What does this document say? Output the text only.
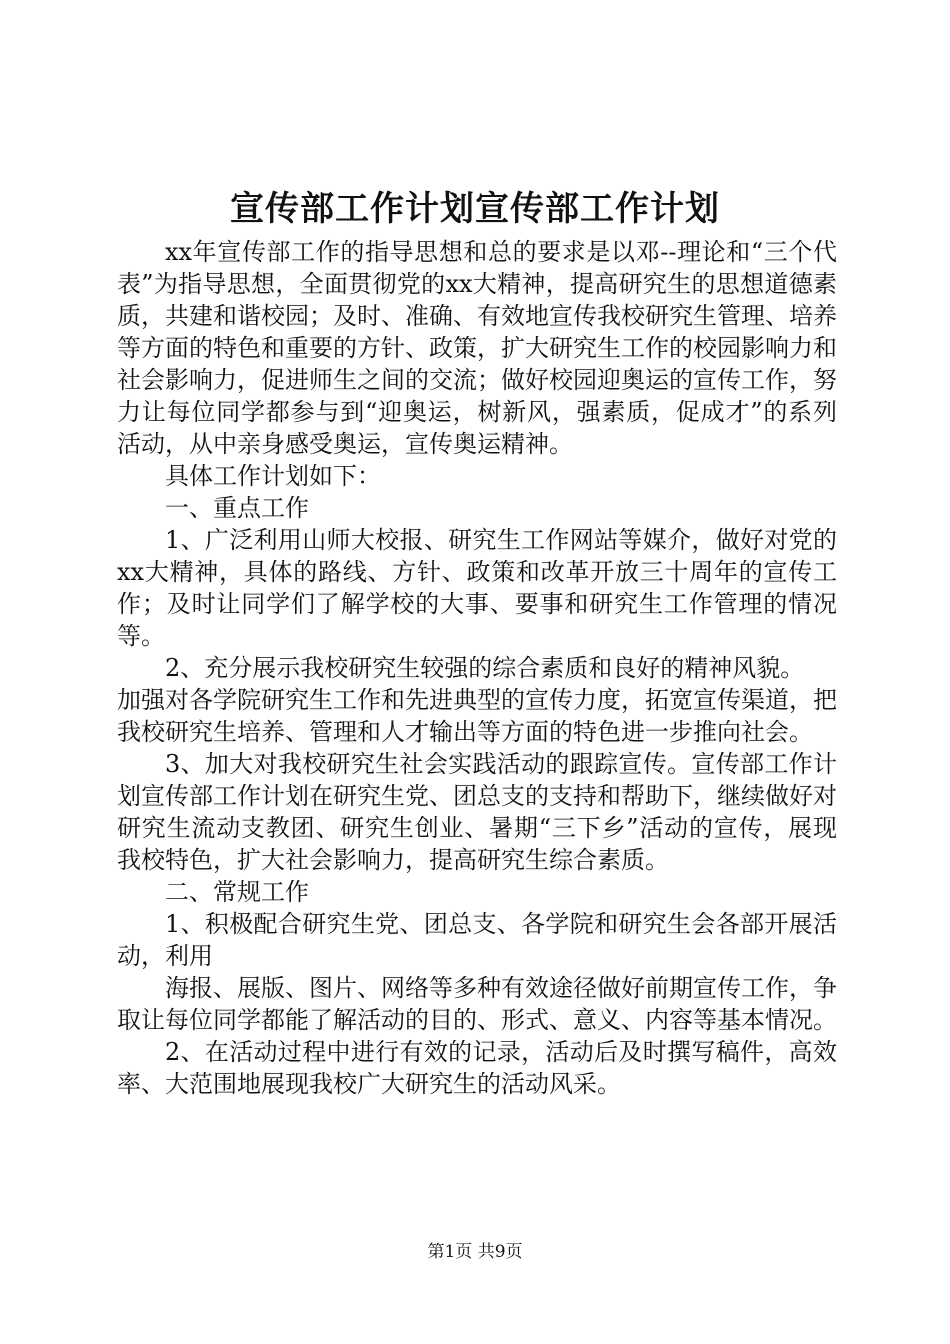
宣传部工作计划宣传部工作计划

xx年宣传部工作的指导思想和总的要求是以邓--理论和“三个代表”为指导思想，全面贯彻党的xx大精神，提高研究生的思想道德素质，共建和谐校园；及时、准确、有效地宣传我校研究生管理、培养等方面的特色和重要的方针、政策，扩大研究生工作的校园影响力和社会影响力，促进师生之间的交流；做好校园迎奥运的宣传工作，努力让每位同学都参与到“迎奥运，树新风，强素质，促成才”的系列活动，从中亲身感受奥运，宣传奥运精神。

具体工作计划如下：

一、重点工作

1、广泛利用山师大校报、研究生工作网站等媒介，做好对党的xx大精神，具体的路线、方针、政策和改革开放三十周年的宣传工作；及时让同学们了解学校的大事、要事和研究生工作管理的情况等。

2、充分展示我校研究生较强的综合素质和良好的精神风貌。

加强对各学院研究生工作和先进典型的宣传力度，拓宽宣传渠道，把我校研究生培养、管理和人才输出等方面的特色进一步推向社会。

3、加大对我校研究生社会实践活动的跟踪宣传。宣传部工作计划宣传部工作计划在研究生党、团总支的支持和帮助下，继续做好对研究生流动支教团、研究生创业、暑期“三下乡”活动的宣传，展现我校特色，扩大社会影响力，提高研究生综合素质。

二、常规工作

1、积极配合研究生党、团总支、各学院和研究生会各部开展活动，利用

海报、展版、图片、网络等多种有效途径做好前期宣传工作，争取让每位同学都能了解活动的目的、形式、意义、内容等基本情况。

2、在活动过程中进行有效的记录，活动后及时撰写稿件，高效率、大范围地展现我校广大研究生的活动风采。

第1页 共9页
